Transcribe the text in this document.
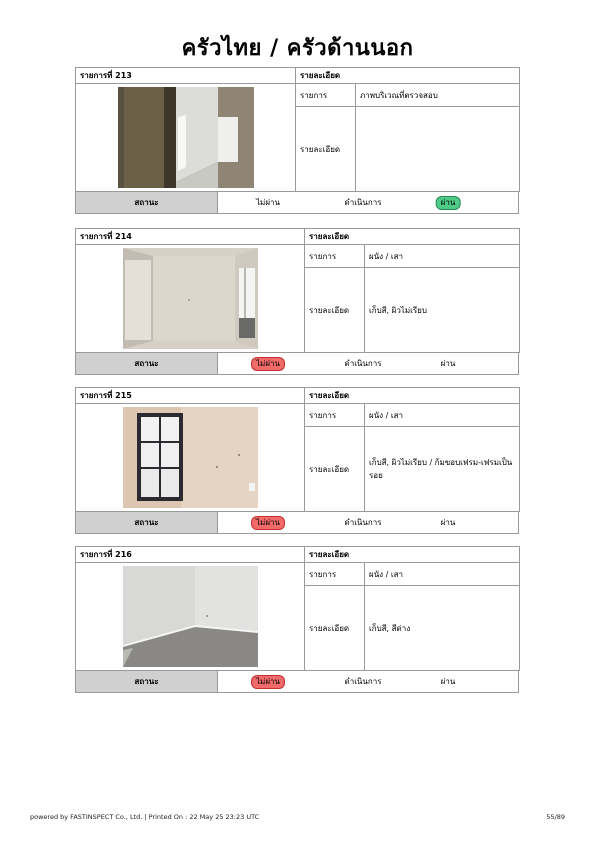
ครัวไทย / ครัวด้านนอก
รายการที่ 213	รายละเอียด	

	รายการ	ภาพบริเวณที่ตรวจสอบ
	รายละเอียด	
สถานะ	ไม่ผ่าน	ดำเนินการ	ผ่าน
รายการที่ 214	รายละเอียด	

	รายการ	ผนัง / เสา
	รายละเอียด	เก็บสี, ผิวไม่เรียบ
สถานะ	ไม่ผ่าน	ดำเนินการ	ผ่าน
รายการที่ 215	รายละเอียด	

	รายการ	ผนัง / เสา
	รายละเอียด	เก็บสี, ผิวไม่เรียบ / ก้มขอบเฟรม-เฟรมเป็นรอย
สถานะ	ไม่ผ่าน	ดำเนินการ	ผ่าน
รายการที่ 216	รายละเอียด	

	รายการ	ผนัง / เสา
	รายละเอียด	เก็บสี, สีด่าง
สถานะ	ไม่ผ่าน	ดำเนินการ	ผ่าน
powered by FASTINSPECT Co., Ltd. | Printed On : 22 May 25 23:23 UTC	55/89
